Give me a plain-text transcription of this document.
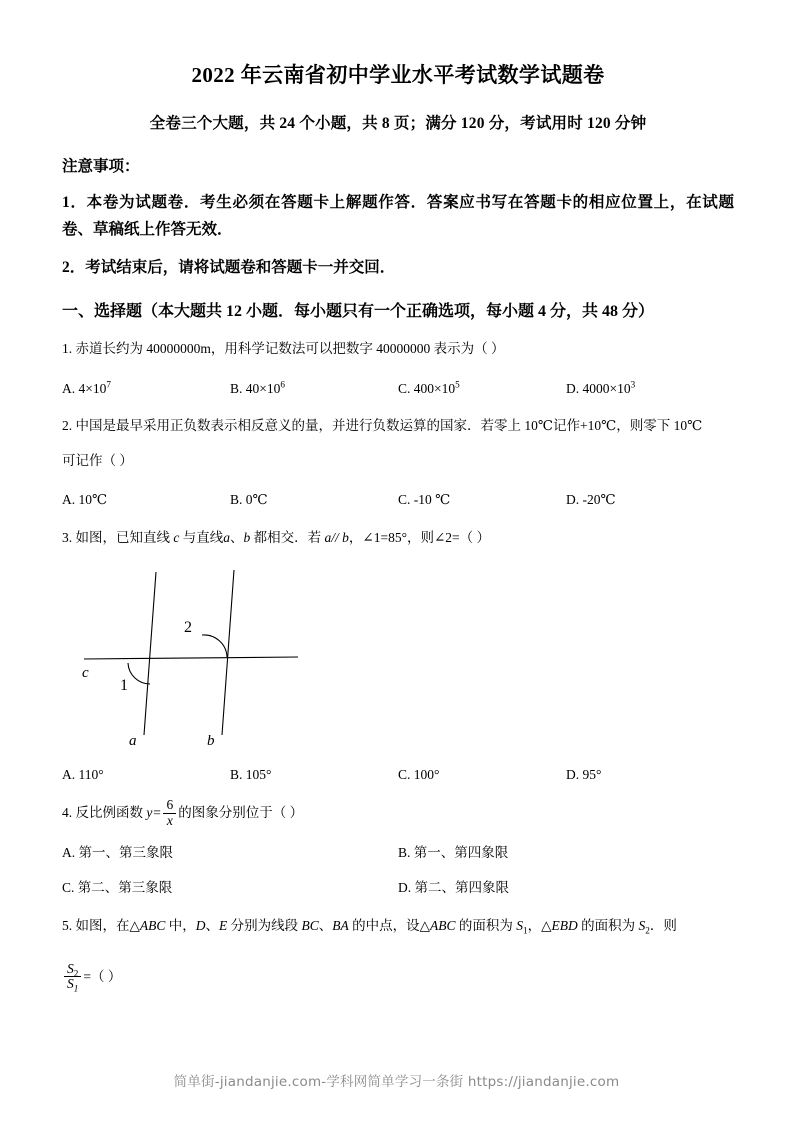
2022 年云南省初中学业水平考试数学试题卷

全卷三个大题，共 24 个小题，共 8 页；满分 120 分，考试用时 120 分钟

注意事项：

1．本卷为试题卷．考生必须在答题卡上解题作答．答案应书写在答题卡的相应位置上，在试题卷、草稿纸上作答无效．

2．考试结束后，请将试题卷和答题卡一并交回．

一、选择题（本大题共 12 小题．每小题只有一个正确选项，每小题 4 分，共 48 分）

1. 赤道长约为 40000000m，用科学记数法可以把数字 40000000 表示为（ ）

A. $4\times 10^7$	B. $40\times 10^6$	C. $400\times 10^5$	D. $4000\times 10^3$

2. 中国是最早采用正负数表示相反意义的量，并进行负数运算的国家．若零上 10℃记作+10℃，则零下 10℃

可记作（ ）

A. 10℃	B. 0℃	C. -10 ℃	D. -20℃

3. 如图，已知直线 c 与直线a、b 都相交．若 a// b，∠1=85°，则∠2=（ ）

c
1
2
a	b
A. 110°	B. 105°	C. 100°	D. 95°

4. 反比例函数 $y= \frac{6}{x}$ 的图象分别位于（ ）

A. 第一、第三象限	B. 第一、第四象限
C. 第二、第三象限	D. 第二、第四象限

5. 如图，在△ABC 中，D、E 分别为线段 BC、BA 的中点，设△ABC 的面积为 $S_1$，△EBD 的面积为 $S_2$．则

$\frac{S_2}{S_1}$ =（ ）

简单街-jiandanjie.com-学科网简单学习一条街 https://jiandanjie.com
